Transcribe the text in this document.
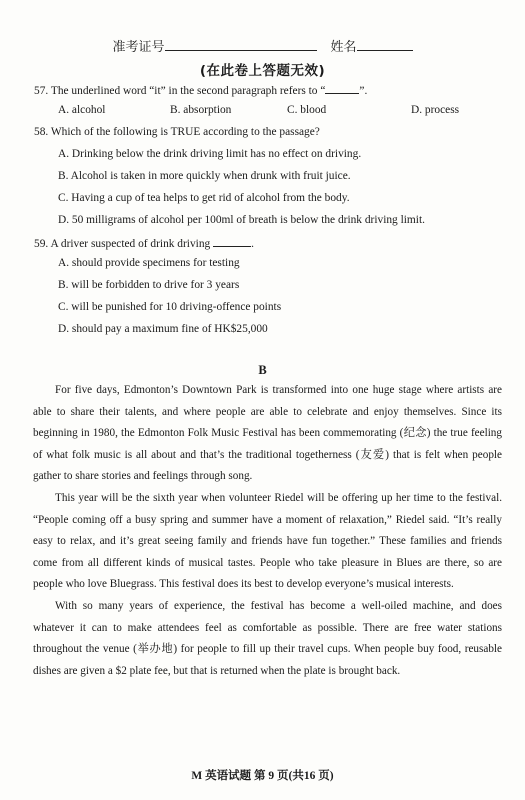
准考证号	姓名
(在此卷上答题无效)
57. The underlined word “it” in the second paragraph refers to “	”.
A. alcohol	B. absorption	C. blood	D. process
58. Which of the following is TRUE according to the passage?
A. Drinking below the drink driving limit has no effect on driving.
B. Alcohol is taken in more quickly when drunk with fruit juice.
C. Having a cup of tea helps to get rid of alcohol from the body.
D. 50 milligrams of alcohol per 100ml of breath is below the drink driving limit.
59. A driver suspected of drink driving	.
A. should provide specimens for testing
B. will be forbidden to drive for 3 years
C. will be punished for 10 driving-offence points
D. should pay a maximum fine of HK$25,000
B

For five days, Edmonton’s Downtown Park is transformed into one huge stage where artists are able to share their talents, and where people are able to celebrate and enjoy themselves. Since its beginning in 1980, the Edmonton Folk Music Festival has been commemorating (纪念) the true feeling of what folk music is all about and that’s the traditional togetherness (友爱) that is felt when people gather to share stories and feelings through song.

This year will be the sixth year when volunteer Riedel will be offering up her time to the festival. “People coming off a busy spring and summer have a moment of relaxation,” Riedel said. “It’s really easy to relax, and it’s great seeing family and friends have fun together.” These families and friends come from all different kinds of musical tastes. People who take pleasure in Blues are there, so are people who love Bluegrass. This festival does its best to develop everyone’s musical interests.

With so many years of experience, the festival has become a well-oiled machine, and does whatever it can to make attendees feel as comfortable as possible. There are free water stations throughout the venue (举办地) for people to fill up their travel cups. When people buy food, reusable dishes are given a $2 plate fee, but that is returned when the plate is brought back.

M 英语试题 第 9 页(共16 页)
